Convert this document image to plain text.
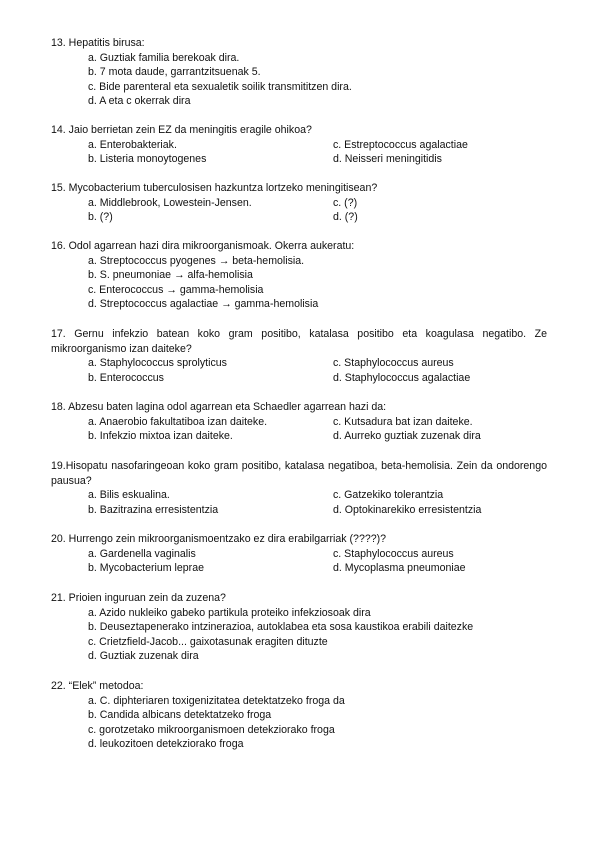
13. Hepatitis birusa:

a. Guztiak familia berekoak dira.
b. 7 mota daude, garrantzitsuenak 5.
c. Bide parenteral eta sexualetik soilik transmititzen dira.
d. A eta c okerrak dira

14. Jaio berrietan zein EZ da meningitis eragile ohikoa?

a. Enterobakteriak.	c. Estreptococcus agalactiae
b. Listeria monoytogenes	d. Neisseri meningitidis

15. Mycobacterium tuberculosisen hazkuntza lortzeko meningitisean?

a. Middlebrook, Lowestein-Jensen.	c. (?)
b. (?)	d. (?)

16. Odol agarrean hazi dira mikroorganismoak. Okerra aukeratu:

a. Streptococcus pyogenes → beta-hemolisia.
b. S. pneumoniae → alfa-hemolisia
c. Enterococcus → gamma-hemolisia
d. Streptococcus agalactiae → gamma-hemolisia

17. Gernu infekzio batean koko gram positibo, katalasa positibo eta koagulasa negatibo. Ze mikroorganismo izan daiteke?

a. Staphylococcus sprolyticus	c. Staphylococcus aureus
b. Enterococcus	d. Staphylococcus agalactiae

18. Abzesu baten lagina odol agarrean eta Schaedler agarrean hazi da:

a. Anaerobio fakultatiboa izan daiteke.	c. Kutsadura bat izan daiteke.
b. Infekzio mixtoa izan daiteke.	d. Aurreko guztiak zuzenak dira

19.Hisopatu nasofaringeoan koko gram positibo, katalasa negatiboa, beta-hemolisia. Zein da ondorengo pausua?

a. Bilis eskualina.	c. Gatzekiko tolerantzia
b. Bazitrazina erresistentzia	d. Optokinarekiko erresistentzia

20. Hurrengo zein mikroorganismoentzako ez dira erabilgarriak (????)?

a. Gardenella vaginalis	c. Staphylococcus aureus
b. Mycobacterium leprae	d. Mycoplasma pneumoniae

21. Prioien inguruan zein da zuzena?

a. Azido nukleiko gabeko partikula proteiko infekziosoak dira
b. Deuseztapenerako intzinerazioa, autoklabea eta sosa kaustikoa erabili daitezke
c. Crietzfield-Jacob... gaixotasunak eragiten dituzte
d. Guztiak zuzenak dira

22. “Elek” metodoa:

a. C. diphteriaren toxigenizitatea detektatzeko froga da
b. Candida albicans detektatzeko froga
c. gorotzetako mikroorganismoen detekziorako froga
d. leukozitoen detekziorako froga
